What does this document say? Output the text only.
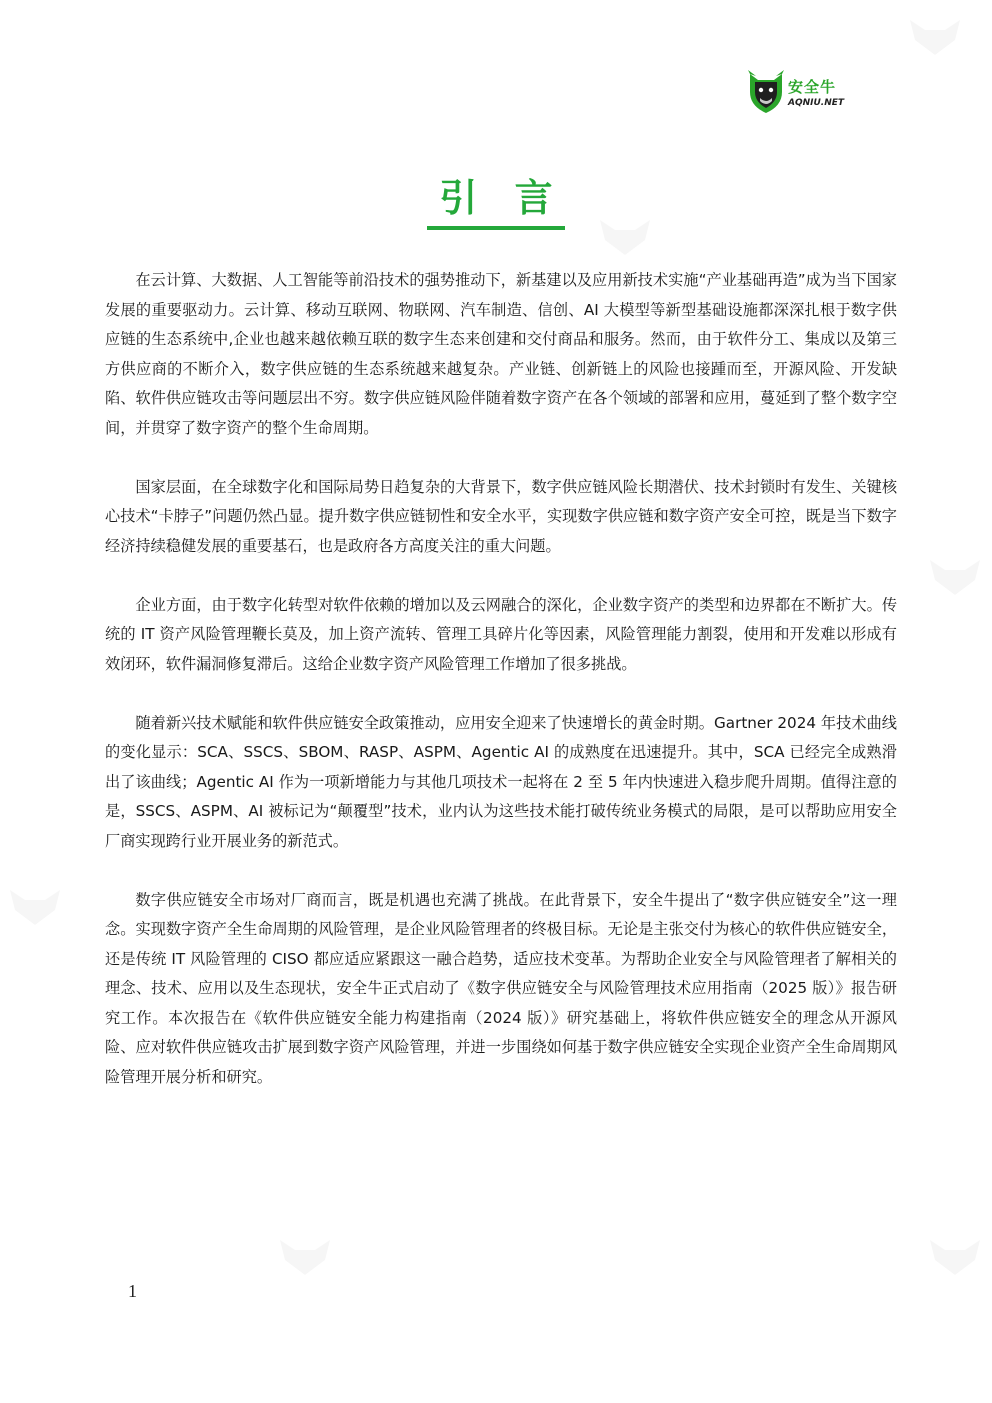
安全牛
AQNIU.NET
引 言

在云计算、大数据、人工智能等前沿技术的强势推动下，新基建以及应用新技术实施“产业基础再造”成为当下国家发展的重要驱动力。云计算、移动互联网、物联网、汽车制造、信创、AI 大模型等新型基础设施都深深扎根于数字供应链的生态系统中,企业也越来越依赖互联的数字生态来创建和交付商品和服务。然而，由于软件分工、集成以及第三方供应商的不断介入，数字供应链的生态系统越来越复杂。产业链、创新链上的风险也接踵而至，开源风险、开发缺陷、软件供应链攻击等问题层出不穷。数字供应链风险伴随着数字资产在各个领域的部署和应用，蔓延到了整个数字空间，并贯穿了数字资产的整个生命周期。

国家层面，在全球数字化和国际局势日趋复杂的大背景下，数字供应链风险长期潜伏、技术封锁时有发生、关键核心技术“卡脖子”问题仍然凸显。提升数字供应链韧性和安全水平，实现数字供应链和数字资产安全可控，既是当下数字经济持续稳健发展的重要基石，也是政府各方高度关注的重大问题。

企业方面，由于数字化转型对软件依赖的增加以及云网融合的深化，企业数字资产的类型和边界都在不断扩大。传统的 IT 资产风险管理鞭长莫及，加上资产流转、管理工具碎片化等因素，风险管理能力割裂，使用和开发难以形成有效闭环，软件漏洞修复滞后。这给企业数字资产风险管理工作增加了很多挑战。

随着新兴技术赋能和软件供应链安全政策推动，应用安全迎来了快速增长的黄金时期。Gartner 2024 年技术曲线的变化显示：SCA、SSCS、SBOM、RASP、ASPM、Agentic AI 的成熟度在迅速提升。其中，SCA 已经完全成熟滑出了该曲线；Agentic AI 作为一项新增能力与其他几项技术一起将在 2 至 5 年内快速进入稳步爬升周期。值得注意的是，SSCS、ASPM、AI 被标记为“颠覆型”技术，业内认为这些技术能打破传统业务模式的局限，是可以帮助应用安全厂商实现跨行业开展业务的新范式。

数字供应链安全市场对厂商而言，既是机遇也充满了挑战。在此背景下，安全牛提出了“数字供应链安全”这一理念。实现数字资产全生命周期的风险管理，是企业风险管理者的终极目标。无论是主张交付为核心的软件供应链安全，还是传统 IT 风险管理的 CISO 都应适应紧跟这一融合趋势，适应技术变革。为帮助企业安全与风险管理者了解相关的理念、技术、应用以及生态现状，安全牛正式启动了《数字供应链安全与风险管理技术应用指南（2025 版）》报告研究工作。本次报告在《软件供应链安全能力构建指南（2024 版）》研究基础上，将软件供应链安全的理念从开源风险、应对软件供应链攻击扩展到数字资产风险管理，并进一步围绕如何基于数字供应链安全实现企业资产全生命周期风险管理开展分析和研究。

1
